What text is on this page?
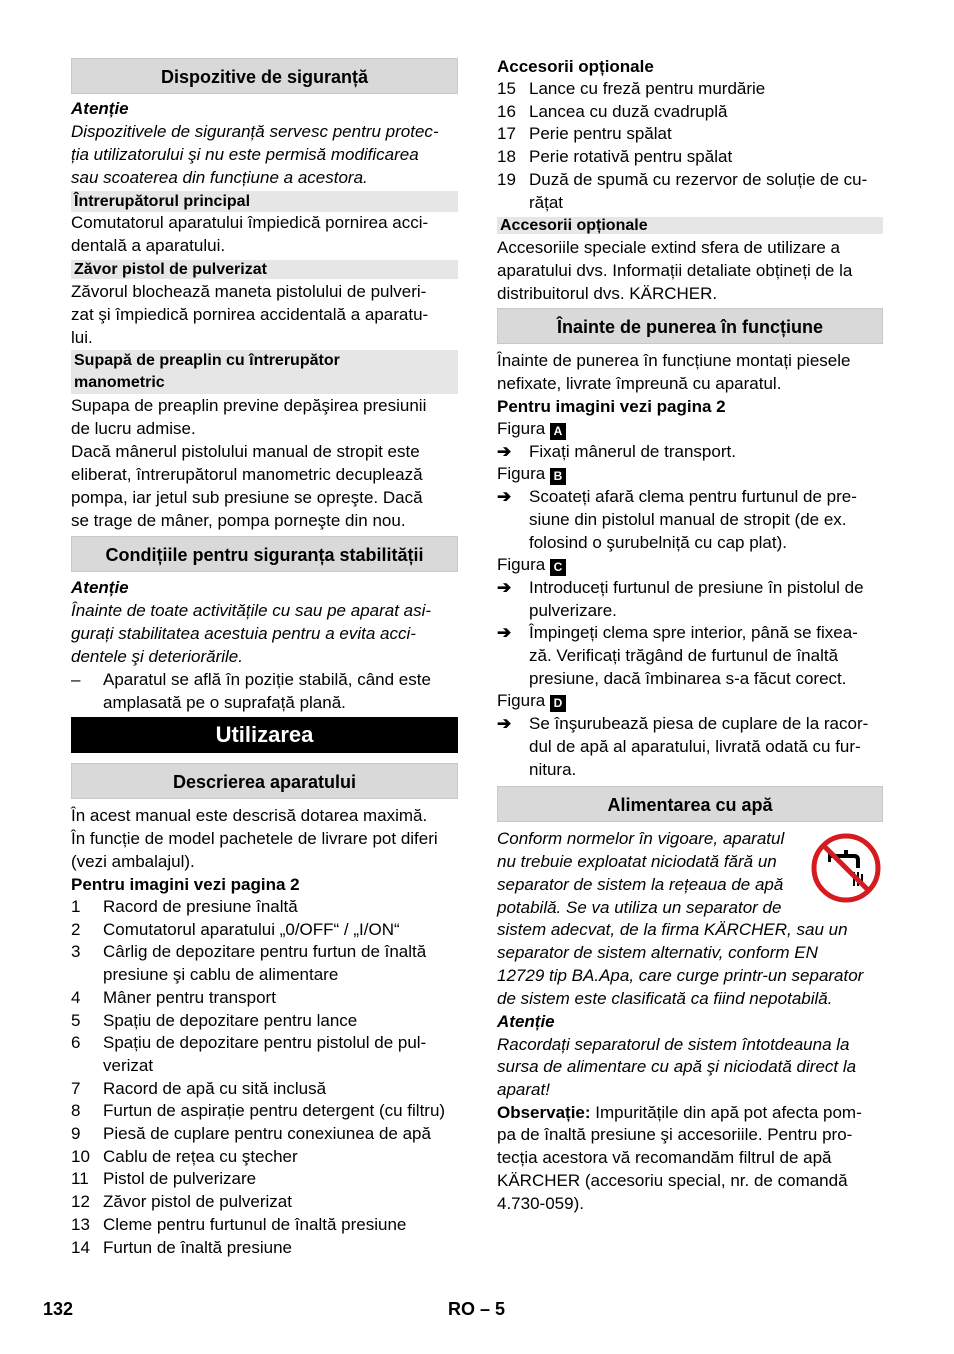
Dispozitive de siguranță
Atenție
Dispozitivele de siguranță servesc pentru protec-
ția utilizatorului şi nu este permisă modificarea
sau scoaterea din funcțiune a acestora.
Întrerupătorul principal
Comutatorul aparatului împiedică pornirea acci-
dentală a aparatului.
Zăvor pistol de pulverizat
Zăvorul blochează maneta pistolului de pulveri-
zat şi împiedică pornirea accidentală a aparatu-
lui.
Supapă de preaplin cu întrerupător
manometric
Supapa de preaplin previne depăşirea presiunii
de lucru admise.
Dacă mânerul pistolului manual de stropit este
eliberat, întrerupătorul manometric decuplează
pompa, iar jetul sub presiune se opreşte. Dacă
se trage de mâner, pompa porneşte din nou.
Condițiile pentru siguranța stabilității
Atenție
Înainte de toate activitățile cu sau pe aparat asi-
gurați stabilitatea acestuia pentru a evita acci-
dentele şi deteriorările.
– Aparatul se află în poziție stabilă, când este
amplasată pe o suprafață plană.
Utilizarea
Descrierea aparatului
În acest manual este descrisă dotarea maximă.
În funcție de model pachetele de livrare pot diferi
(vezi ambalajul).
Pentru imagini vezi pagina 2
1 Racord de presiune înaltă
2 Comutatorul aparatului „0/OFF“ / „I/ON“
3 Cârlig de depozitare pentru furtun de înaltă
presiune şi cablu de alimentare
4 Mâner pentru transport
5 Spațiu de depozitare pentru lance
6 Spațiu de depozitare pentru pistolul de pul-
verizat
7 Racord de apă cu sită inclusă
8 Furtun de aspirație pentru detergent (cu filtru)
9 Piesă de cuplare pentru conexiunea de apă
10 Cablu de rețea cu ştecher
11 Pistol de pulverizare
12 Zăvor pistol de pulverizat
13 Cleme pentru furtunul de înaltă presiune
14 Furtun de înaltă presiune
Accesorii opționale
15 Lance cu freză pentru murdărie
16 Lancea cu duză cvadruplă
17 Perie pentru spălat
18 Perie rotativă pentru spălat
19 Duză de spumă cu rezervor de soluție de cu-
rățat
Accesorii opționale
Accesoriile speciale extind sfera de utilizare a
aparatului dvs. Informații detaliate obțineți de la
distribuitorul dvs. KÄRCHER.
Înainte de punerea în funcțiune
Înainte de punerea în funcțiune montați piesele
nefixate, livrate împreună cu aparatul.
Pentru imagini vezi pagina 2
Figura A
➔ Fixați mânerul de transport.
Figura B
➔ Scoateți afară clema pentru furtunul de pre-
siune din pistolul manual de stropit (de ex.
folosind o şurubelniță cu cap plat).
Figura C
➔ Introduceți furtunul de presiune în pistolul de
pulverizare.
➔ Împingeți clema spre interior, până se fixea-
ză. Verificați trăgând de furtunul de înaltă
presiune, dacă îmbinarea s-a făcut corect.
Figura D
➔ Se înşurubează piesa de cuplare de la racor-
dul de apă al aparatului, livrată odată cu fur-
nitura.
Alimentarea cu apă
Conform normelor în vigoare, aparatul
nu trebuie exploatat niciodată fără un
separator de sistem la rețeaua de apă
potabilă. Se va utiliza un separator de
sistem adecvat, de la firma KÄRCHER, sau un
separator de sistem alternativ, conform EN
12729 tip BA.Apa, care curge printr-un separator
de sistem este clasificată ca fiind nepotabilă.
Atenție
Racordați separatorul de sistem întotdeauna la
sursa de alimentare cu apă şi niciodată direct la
aparat!
Observație: Impuritățile din apă pot afecta pom-
pa de înaltă presiune şi accesoriile. Pentru pro-
tecția acestora vă recomandăm filtrul de apă
KÄRCHER (accesoriu special, nr. de comandă
4.730-059).
132	RO – 5
